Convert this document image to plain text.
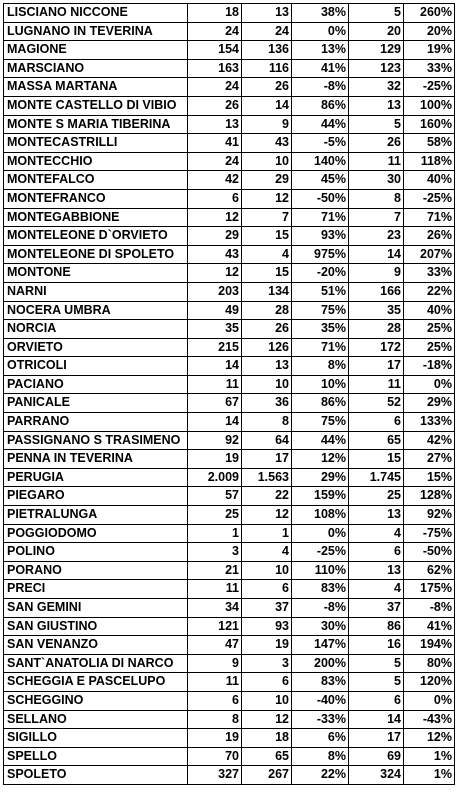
LISCIANO NICCONE	18	13	38%	5	260%
LUGNANO IN TEVERINA	24	24	0%	20	20%
MAGIONE	154	136	13%	129	19%
MARSCIANO	163	116	41%	123	33%
MASSA MARTANA	24	26	-8%	32	-25%
MONTE CASTELLO DI VIBIO	26	14	86%	13	100%
MONTE S MARIA TIBERINA	13	9	44%	5	160%
MONTECASTRILLI	41	43	-5%	26	58%
MONTECCHIO	24	10	140%	11	118%
MONTEFALCO	42	29	45%	30	40%
MONTEFRANCO	6	12	-50%	8	-25%
MONTEGABBIONE	12	7	71%	7	71%
MONTELEONE D`ORVIETO	29	15	93%	23	26%
MONTELEONE DI SPOLETO	43	4	975%	14	207%
MONTONE	12	15	-20%	9	33%
NARNI	203	134	51%	166	22%
NOCERA UMBRA	49	28	75%	35	40%
NORCIA	35	26	35%	28	25%
ORVIETO	215	126	71%	172	25%
OTRICOLI	14	13	8%	17	-18%
PACIANO	11	10	10%	11	0%
PANICALE	67	36	86%	52	29%
PARRANO	14	8	75%	6	133%
PASSIGNANO S TRASIMENO	92	64	44%	65	42%
PENNA IN TEVERINA	19	17	12%	15	27%
PERUGIA	2.009	1.563	29%	1.745	15%
PIEGARO	57	22	159%	25	128%
PIETRALUNGA	25	12	108%	13	92%
POGGIODOMO	1	1	0%	4	-75%
POLINO	3	4	-25%	6	-50%
PORANO	21	10	110%	13	62%
PRECI	11	6	83%	4	175%
SAN GEMINI	34	37	-8%	37	-8%
SAN GIUSTINO	121	93	30%	86	41%
SAN VENANZO	47	19	147%	16	194%
SANT`ANATOLIA DI NARCO	9	3	200%	5	80%
SCHEGGIA E PASCELUPO	11	6	83%	5	120%
SCHEGGINO	6	10	-40%	6	0%
SELLANO	8	12	-33%	14	-43%
SIGILLO	19	18	6%	17	12%
SPELLO	70	65	8%	69	1%
SPOLETO	327	267	22%	324	1%
